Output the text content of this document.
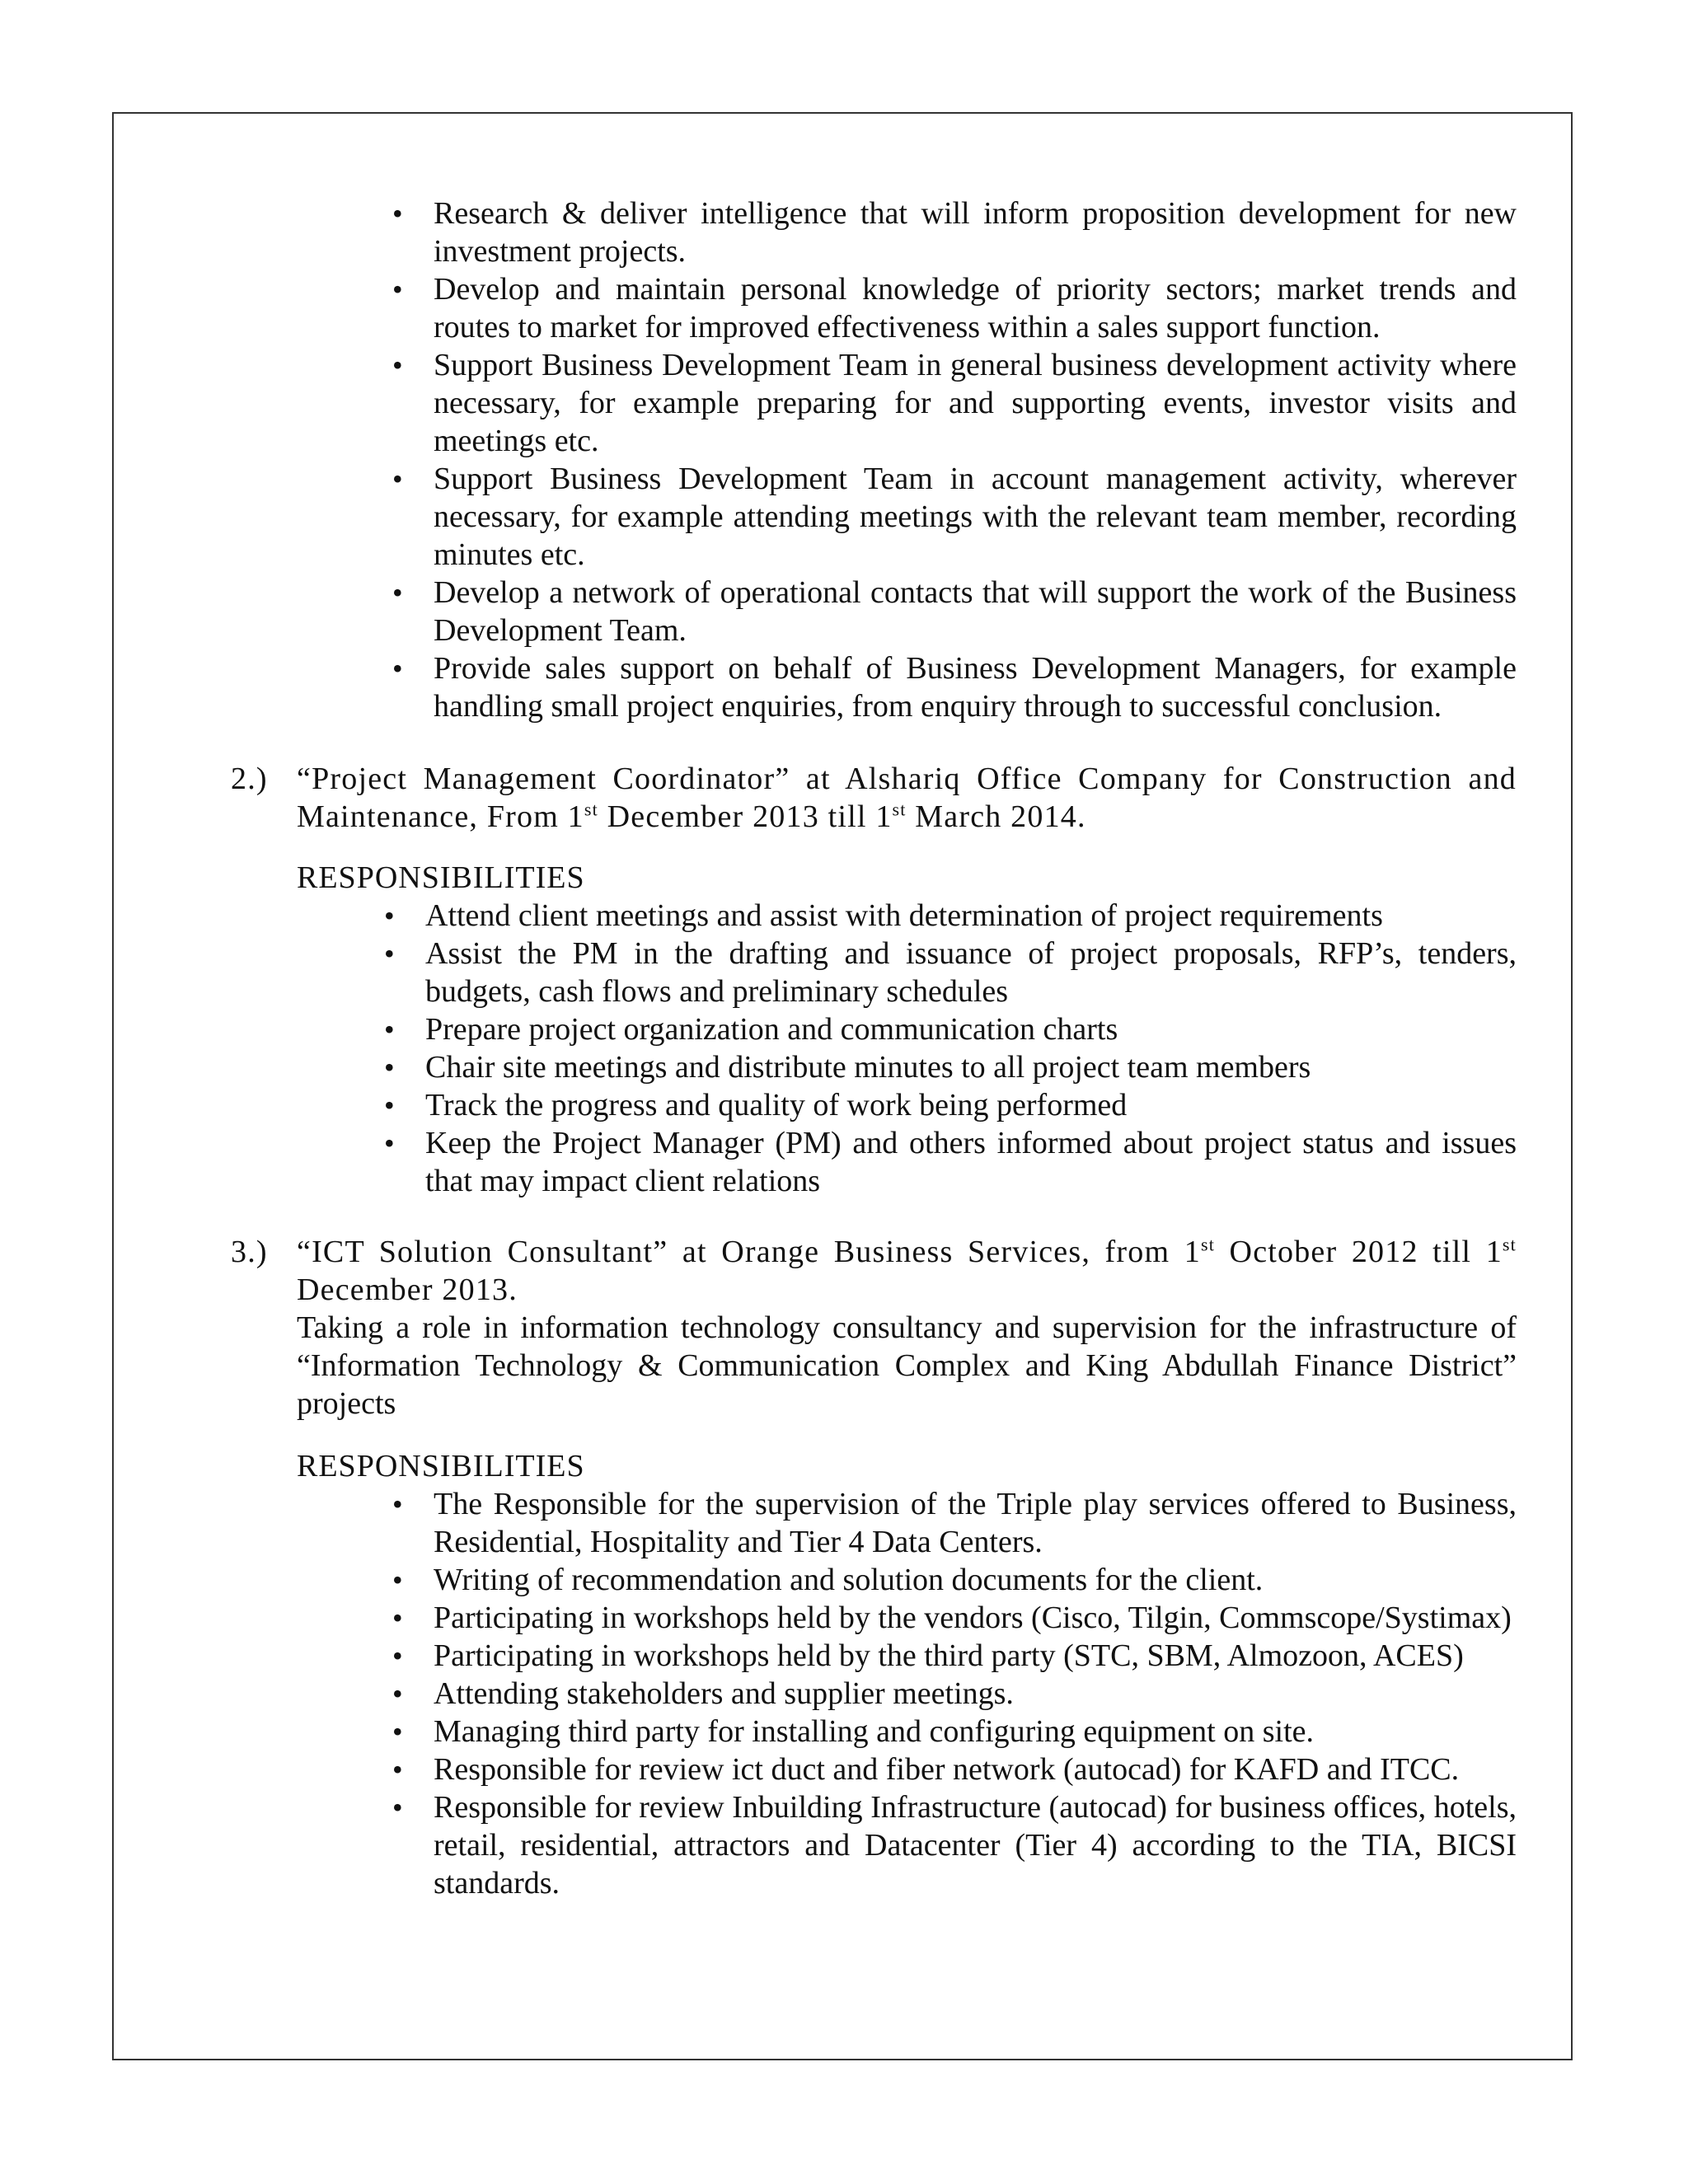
• Research & deliver intelligence that will inform proposition development for new investment projects.
• Develop and maintain personal knowledge of priority sectors; market trends and routes to market for improved effectiveness within a sales support function.
• Support Business Development Team in general business development activity where necessary, for example preparing for and supporting events, investor visits and meetings etc.
• Support Business Development Team in account management activity, wherever necessary, for example attending meetings with the relevant team member, recording minutes etc.
• Develop a network of operational contacts that will support the work of the Business Development Team.
• Provide sales support on behalf of Business Development Managers, for example handling small project enquiries, from enquiry through to successful conclusion.
2.) “Project Management Coordinator” at Alshariq Office Company for Construction and Maintenance, From 1st December 2013 till 1st March 2014.
RESPONSIBILITIES
• Attend client meetings and assist with determination of project requirements
• Assist the PM in the drafting and issuance of project proposals, RFP’s, tenders, budgets, cash flows and preliminary schedules
• Prepare project organization and communication charts
• Chair site meetings and distribute minutes to all project team members
• Track the progress and quality of work being performed
• Keep the Project Manager (PM) and others informed about project status and issues that may impact client relations
3.) “ICT Solution Consultant” at Orange Business Services, from 1st October 2012 till 1st December 2013.
Taking a role in information technology consultancy and supervision for the infrastructure of “Information Technology & Communication Complex and King Abdullah Finance District” projects
RESPONSIBILITIES
• The Responsible for the supervision of the Triple play services offered to Business, Residential, Hospitality and Tier 4 Data Centers.
• Writing of recommendation and solution documents for the client.
• Participating in workshops held by the vendors (Cisco, Tilgin, Commscope/Systimax)
• Participating in workshops held by the third party (STC, SBM, Almozoon, ACES)
• Attending stakeholders and supplier meetings.
• Managing third party for installing and configuring equipment on site.
• Responsible for review ict duct and fiber network (autocad) for KAFD and ITCC.
• Responsible for review Inbuilding Infrastructure (autocad) for business offices, hotels, retail, residential, attractors and Datacenter (Tier 4) according to the TIA, BICSI standards.
